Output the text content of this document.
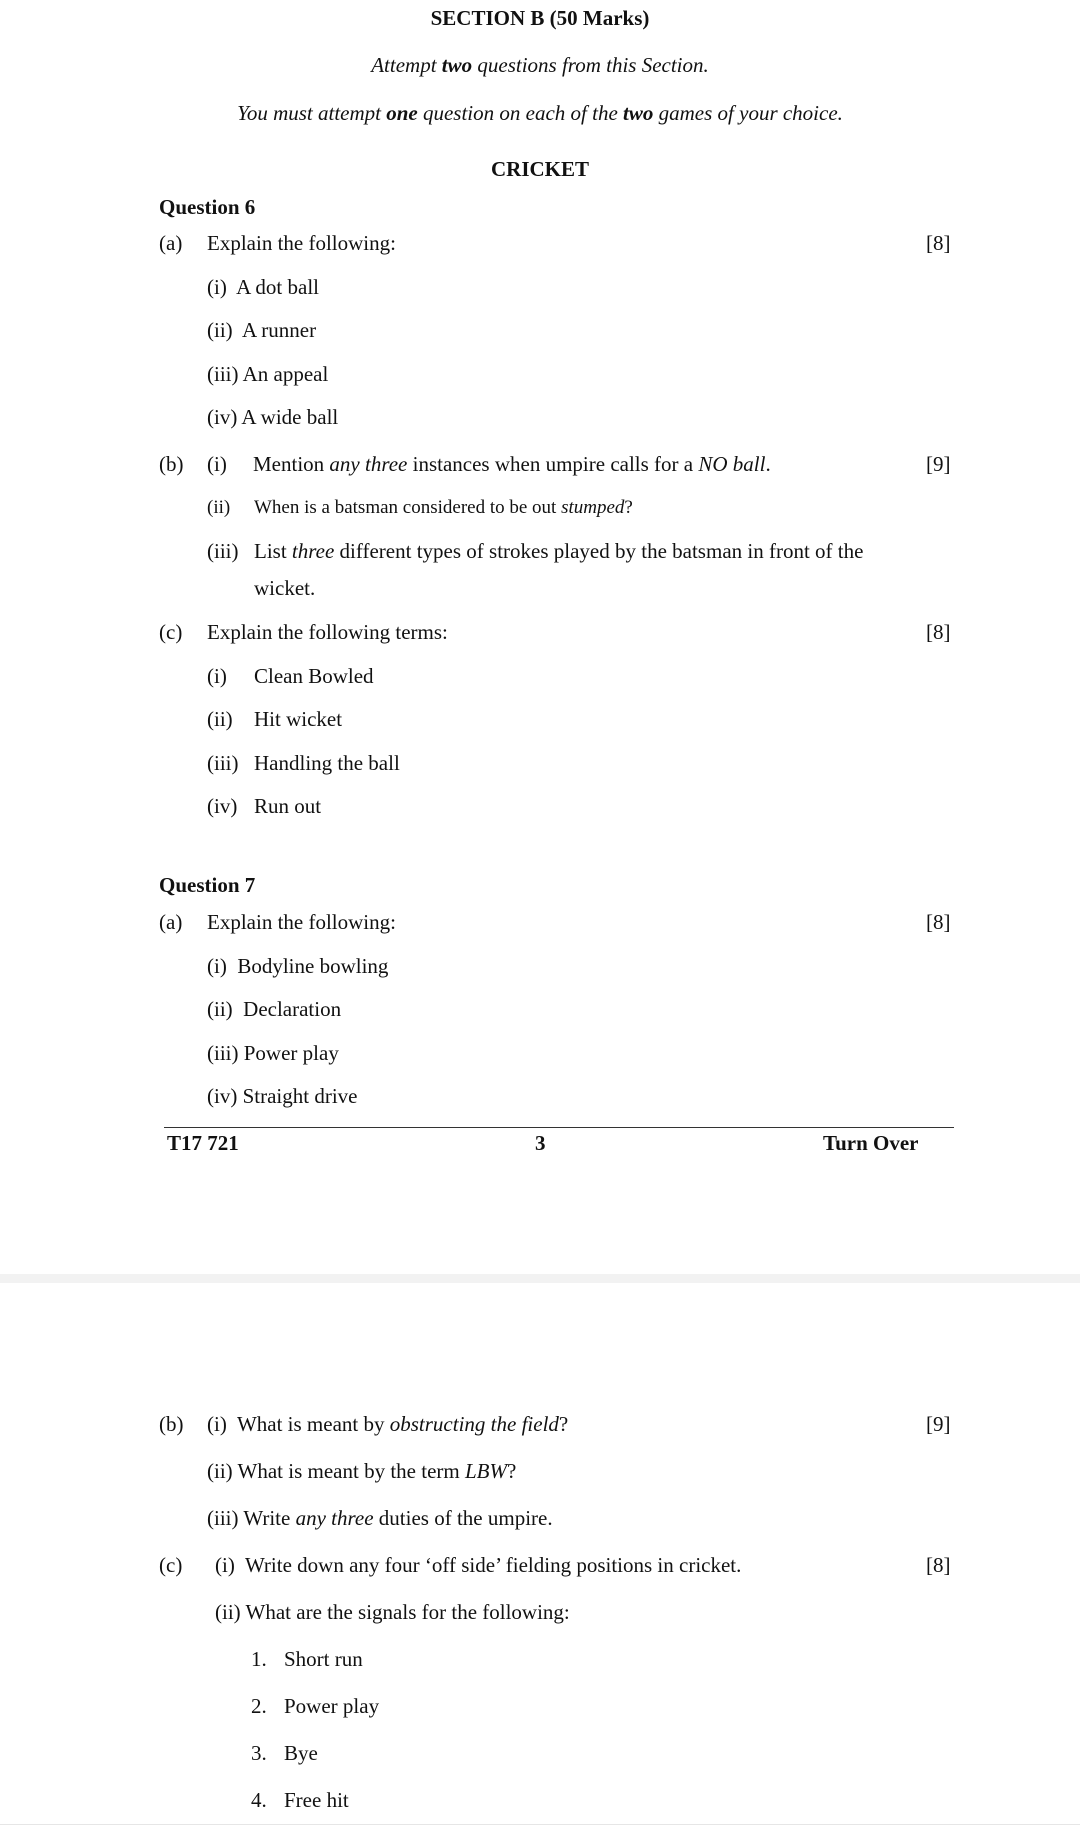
SECTION B (50 Marks)
Attempt two questions from this Section.
You must attempt one question on each of the two games of your choice.
CRICKET
Question 6
(a) Explain the following:	[8]
(i) A dot ball
(ii) A runner
(iii) An appeal
(iv) A wide ball
(b) (i) Mention any three instances when umpire calls for a NO ball.	[9]
(ii) When is a batsman considered to be out stumped?
(iii) List three different types of strokes played by the batsman in front of the
wicket.
(c) Explain the following terms:	[8]
(i) Clean Bowled
(ii) Hit wicket
(iii) Handling the ball
(iv) Run out
Question 7
(a) Explain the following:	[8]
(i) Bodyline bowling
(ii) Declaration
(iii) Power play
(iv) Straight drive
T17 721	3	Turn Over
(b) (i) What is meant by obstructing the field?	[9]
(ii) What is meant by the term LBW?
(iii) Write any three duties of the umpire.
(c) (i) Write down any four ‘off side’ fielding positions in cricket.	[8]
(ii) What are the signals for the following:
1. Short run
2. Power play
3. Bye
4. Free hit
